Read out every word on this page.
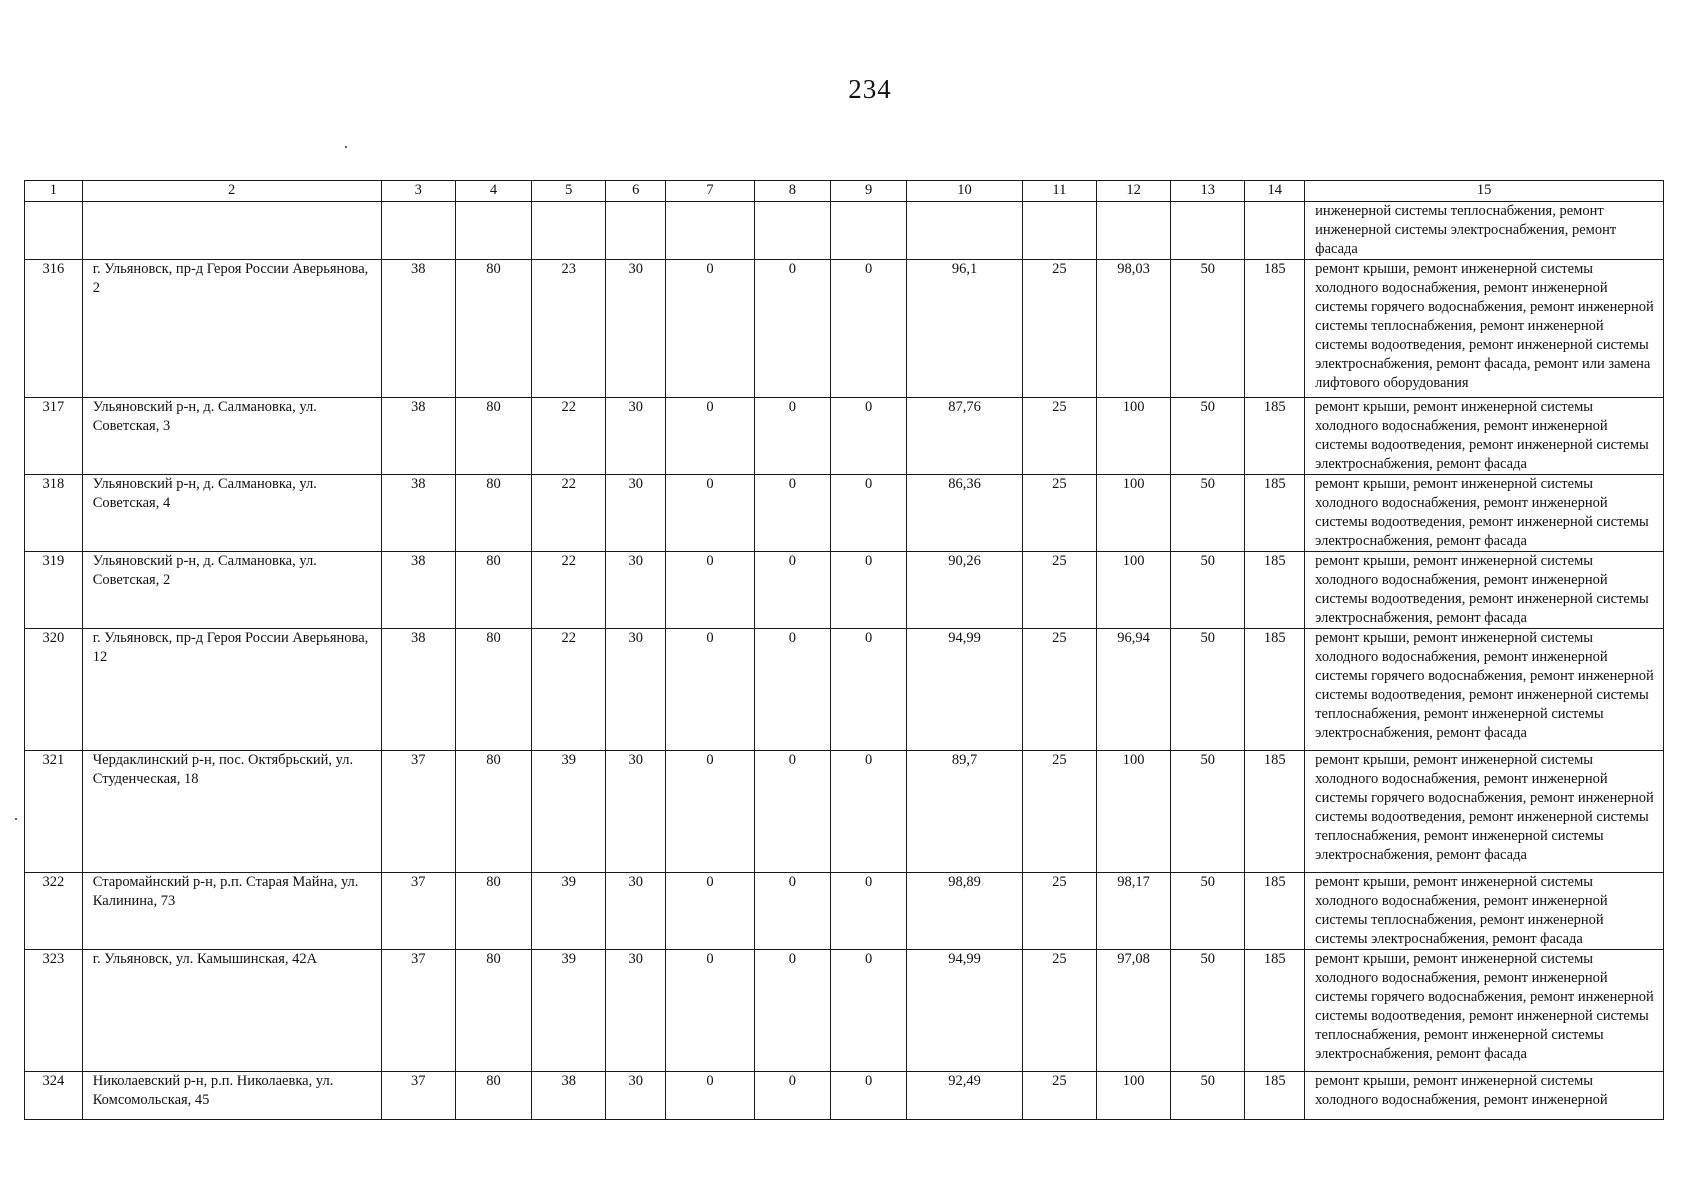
234
1	2	3	4	5	6	7	8	9	10	11	12	13	14	15
														инженерной системы теплоснабжения, ремонт инженерной системы электроснабжения, ремонт фасада
316	г. Ульяновск, пр-д Героя России Аверьянова, 2	38	80	23	30	0	0	0	96,1	25	98,03	50	185	ремонт крыши, ремонт инженерной системы холодного водоснабжения, ремонт инженерной системы горячего водоснабжения, ремонт инженерной системы теплоснабжения, ремонт инженерной системы водоотведения, ремонт инженерной системы электроснабжения, ремонт фасада, ремонт или замена лифтового оборудования
317	Ульяновский р-н, д. Салмановка, ул. Советская, 3	38	80	22	30	0	0	0	87,76	25	100	50	185	ремонт крыши, ремонт инженерной системы холодного водоснабжения, ремонт инженерной системы водоотведения, ремонт инженерной системы электроснабжения, ремонт фасада
318	Ульяновский р-н, д. Салмановка, ул. Советская, 4	38	80	22	30	0	0	0	86,36	25	100	50	185	ремонт крыши, ремонт инженерной системы холодного водоснабжения, ремонт инженерной системы водоотведения, ремонт инженерной системы электроснабжения, ремонт фасада
319	Ульяновский р-н, д. Салмановка, ул. Советская, 2	38	80	22	30	0	0	0	90,26	25	100	50	185	ремонт крыши, ремонт инженерной системы холодного водоснабжения, ремонт инженерной системы водоотведения, ремонт инженерной системы электроснабжения, ремонт фасада
320	г. Ульяновск, пр-д Героя России Аверьянова, 12	38	80	22	30	0	0	0	94,99	25	96,94	50	185	ремонт крыши, ремонт инженерной системы холодного водоснабжения, ремонт инженерной системы горячего водоснабжения, ремонт инженерной системы водоотведения, ремонт инженерной системы теплоснабжения, ремонт инженерной системы электроснабжения, ремонт фасада
321	Чердаклинский р-н, пос. Октябрьский, ул. Студенческая, 18	37	80	39	30	0	0	0	89,7	25	100	50	185	ремонт крыши, ремонт инженерной системы холодного водоснабжения, ремонт инженерной системы горячего водоснабжения, ремонт инженерной системы водоотведения, ремонт инженерной системы теплоснабжения, ремонт инженерной системы электроснабжения, ремонт фасада
322	Старомайнский р-н, р.п. Старая Майна, ул. Калинина, 73	37	80	39	30	0	0	0	98,89	25	98,17	50	185	ремонт крыши, ремонт инженерной системы холодного водоснабжения, ремонт инженерной системы теплоснабжения, ремонт инженерной системы электроснабжения, ремонт фасада
323	г. Ульяновск, ул. Камышинская, 42А	37	80	39	30	0	0	0	94,99	25	97,08	50	185	ремонт крыши, ремонт инженерной системы холодного водоснабжения, ремонт инженерной системы горячего водоснабжения, ремонт инженерной системы водоотведения, ремонт инженерной системы теплоснабжения, ремонт инженерной системы электроснабжения, ремонт фасада
324	Николаевский р-н, р.п. Николаевка, ул. Комсомольская, 45	37	80	38	30	0	0	0	92,49	25	100	50	185	ремонт крыши, ремонт инженерной системы холодного водоснабжения, ремонт инженерной
